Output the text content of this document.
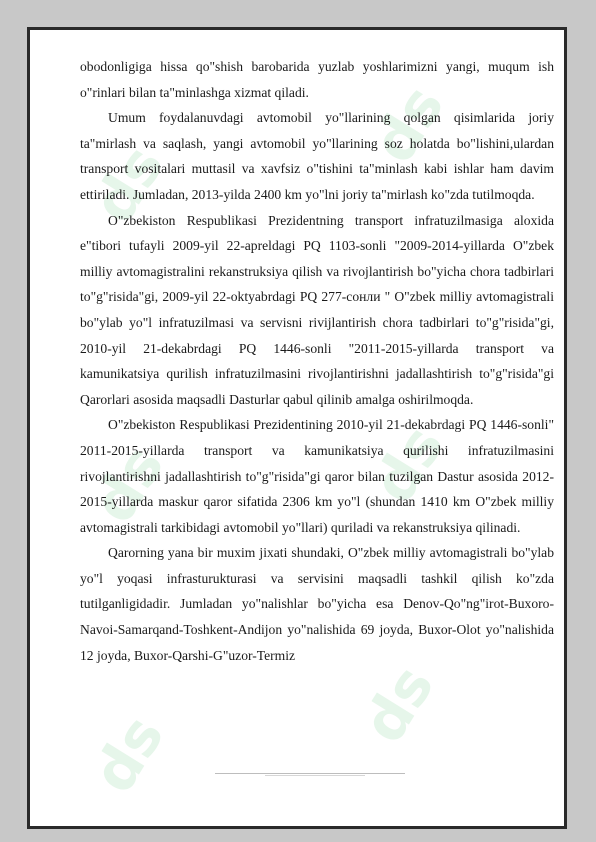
ds
ds
ds	ds
ds	ds

obodonligiga hissa qo"shish barobarida yuzlab yoshlarimizni yangi, muqum ish o"rinlari bilan ta"minlashga xizmat qiladi.

Umum foydalanuvdagi avtomobil yo"llarining qolgan qisimlarida joriy ta"mirlash va saqlash, yangi avtomobil yo"llarining soz holatda bo"lishini,ulardan transport vositalari muttasil va xavfsiz o"tishini ta"minlash kabi ishlar ham davim ettiriladi. Jumladan, 2013-yilda 2400 km yo"lni joriy ta"mirlash ko"zda tutilmoqda.

O"zbekiston Respublikasi Prezidentning transport infratuzilmasiga aloxida e"tibori tufayli 2009-yil 22-apreldagi PQ 1103-sonli "2009-2014-yillarda O"zbek milliy avtomagistralini rekanstruksiya qilish va rivojlantirish bo"yicha chora tadbirlari to"g"risida"gi, 2009-yil 22-oktyabrdagi PQ 277-сонли " O"zbek milliy avtomagistrali bo"ylab yo"l infratuzilmasi va servisni rivijlantirish chora tadbirlari to"g"risida"gi, 2010-yil 21-dekabrdagi PQ 1446-sonli "2011-2015-yillarda transport va kamunikatsiya qurilish infratuzilmasini rivojlantirishni jadallashtirish to"g"risida"gi Qarorlari asosida maqsadli Dasturlar qabul qilinib amalga oshirilmoqda.

O"zbekiston Respublikasi Prezidentining 2010-yil 21-dekabrdagi PQ 1446-sonli" 2011-2015-yillarda transport va kamunikatsiya qurilishi infratuzilmasini rivojlantirishni jadallashtirish to"g"risida"gi qaror bilan tuzilgan Dastur asosida 2012-2015-yillarda maskur qaror sifatida 2306 km yo"l (shundan 1410 km O"zbek milliy avtomagistrali tarkibidagi avtomobil yo"llari) quriladi va rekanstruksiya qilinadi.

Qarorning yana bir muxim jixati shundaki, O"zbek milliy avtomagistrali bo"ylab yo"l yoqasi infrasturukturasi va servisini maqsadli tashkil qilish ko"zda tutilganligidadir. Jumladan yo"nalishlar bo"yicha esa Denov-Qo"ng"irot-Buxoro-Navoi-Samarqand-Toshkent-Andijon yo"nalishida 69 joyda, Buxor-Olot yo"nalishida 12 joyda, Buxor-Qarshi-G"uzor-Termiz
